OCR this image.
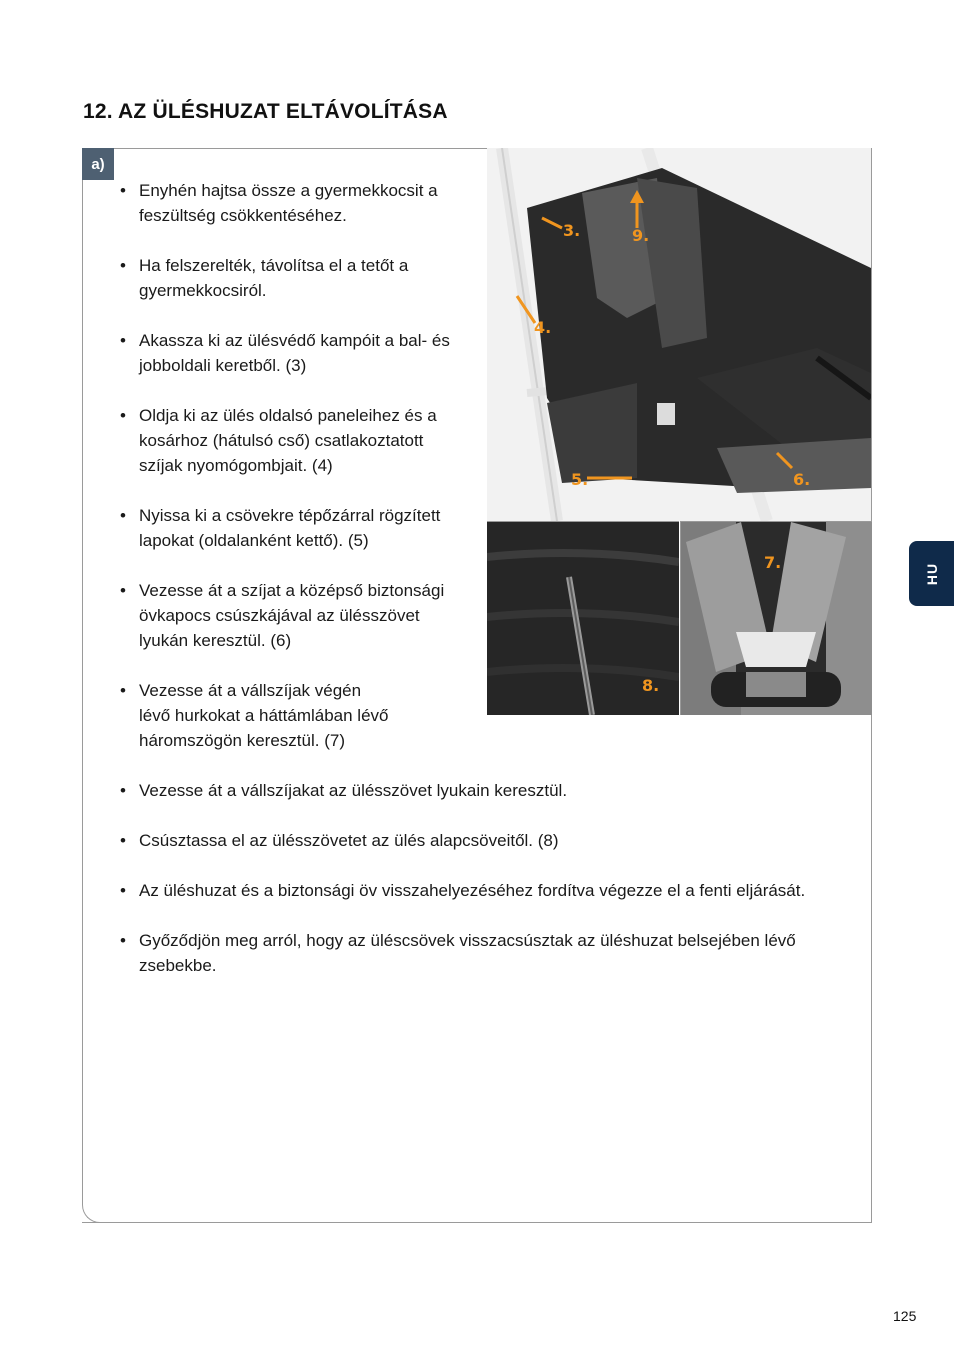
12. AZ ÜLÉSHUZAT ELTÁVOLÍTÁSA
a)
• Enyhén hajtsa össze a gyermekkocsit a
feszültség csökkentéséhez.
• Ha felszerelték, távolítsa el a tetőt a
gyermekkocsiról.
• Akassza ki az ülésvédő kampóit a bal- és
jobboldali keretből. (3)
• Oldja ki az ülés oldalsó paneleihez és a
kosárhoz (hátulsó cső) csatlakoztatott
szíjak nyomógombjait. (4)
• Nyissa ki a csövekre tépőzárral rögzített
lapokat (oldalanként kettő). (5)
• Vezesse át a szíjat a középső biztonsági
övkapocs csúszkájával az ülésszövet
lyukán keresztül. (6)
• Vezesse át a vállszíjak végén
lévő hurkokat a háttámlában lévő
háromszögön keresztül. (7)
• Vezesse át a vállszíjakat az ülésszövet lyukain keresztül.
• Csúsztassa el az ülésszövetet az ülés alapcsöveitől. (8)
• Az üléshuzat és a biztonsági öv visszahelyezéséhez fordítva végezze el a fenti eljárását.
• Győződjön meg arról, hogy az üléscsövek visszacsúsztak az üléshuzat belsejében lévő
zsebekbe.
3.	9.
4.
5.	6.
8.
7.	HU
125
